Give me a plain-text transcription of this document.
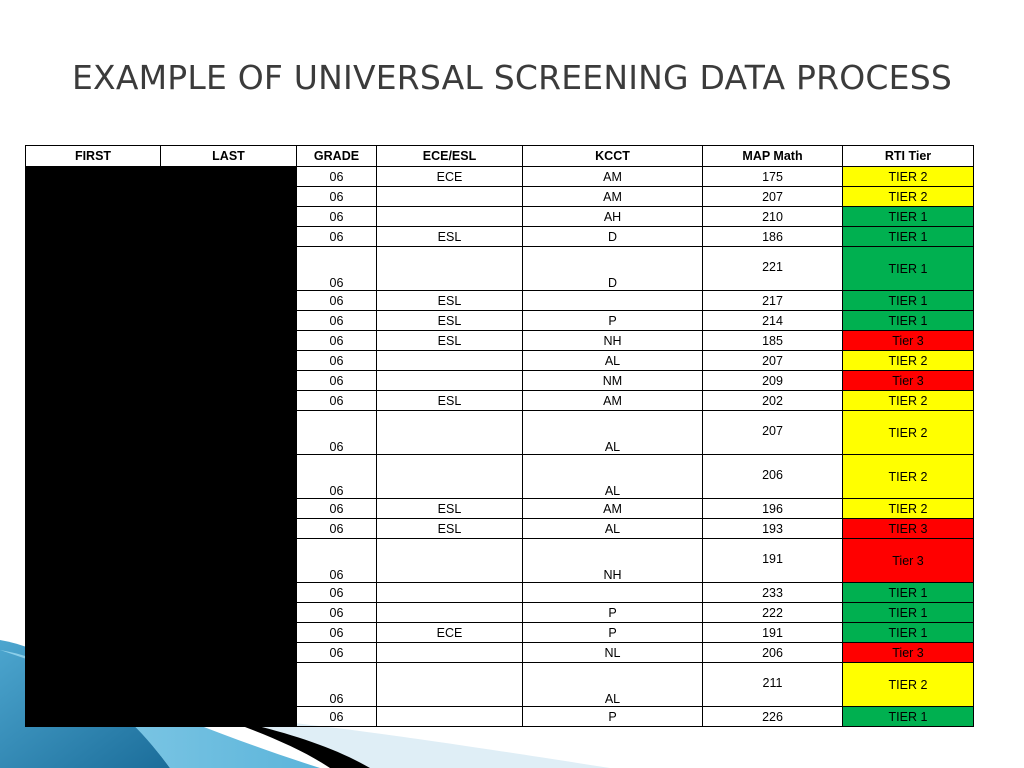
EXAMPLE OF UNIVERSAL SCREENING DATA PROCESS
FIRST	LAST	GRADE	ECE/ESL	KCCT	MAP Math	RTI Tier
		06	ECE	AM	175	TIER 2
		06		AM	207	TIER 2
		06		AH	210	TIER 1
		06	ESL	D	186	TIER 1
		06		D	221	TIER 1
		06	ESL		217	TIER 1
		06	ESL	P	214	TIER 1
		06	ESL	NH	185	Tier 3
		06		AL	207	TIER 2
		06		NM	209	Tier 3
		06	ESL	AM	202	TIER 2
		06		AL	207	TIER 2
		06		AL	206	TIER 2
		06	ESL	AM	196	TIER 2
		06	ESL	AL	193	TIER 3
		06		NH	191	Tier 3
		06			233	TIER 1
		06		P	222	TIER 1
		06	ECE	P	191	TIER 1
		06		NL	206	Tier 3
		06		AL	211	TIER 2
		06		P	226	TIER 1
